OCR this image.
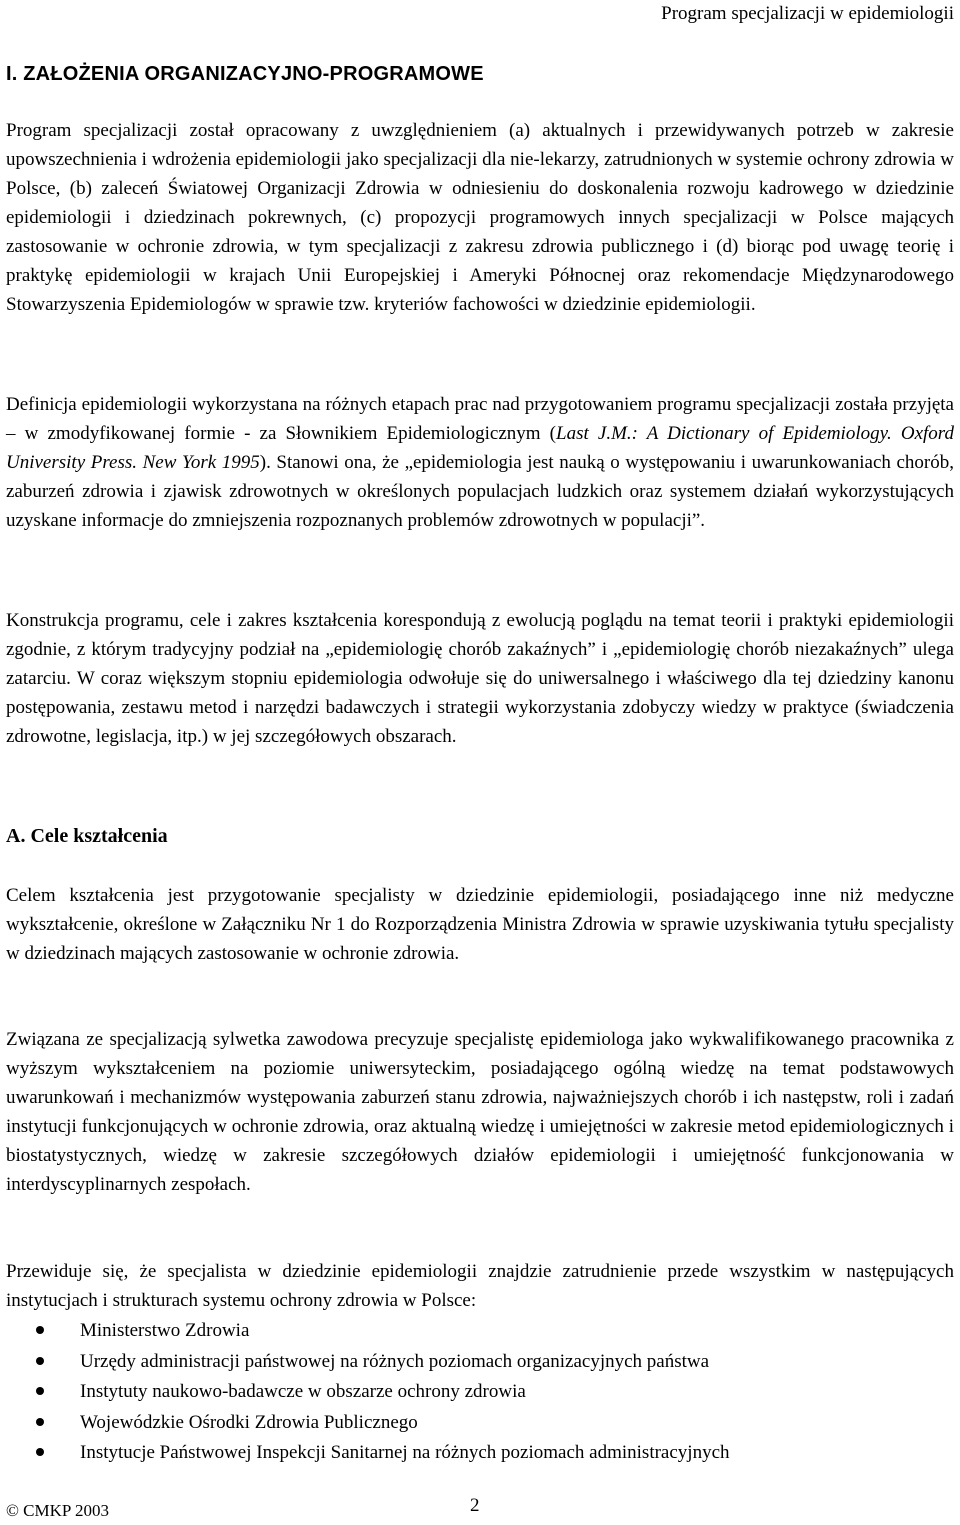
Program specjalizacji w epidemiologii
I. ZAŁOŻENIA ORGANIZACYJNO-PROGRAMOWE

Program specjalizacji został opracowany z uwzględnieniem (a) aktualnych i przewidywanych potrzeb w zakresie upowszechnienia i wdrożenia epidemiologii jako specjalizacji dla nie-lekarzy, zatrudnionych w systemie ochrony zdrowia w Polsce, (b) zaleceń Światowej Organizacji Zdrowia w odniesieniu do doskonalenia rozwoju kadrowego w dziedzinie epidemiologii i dziedzinach pokrewnych, (c) propozycji programowych innych specjalizacji w Polsce mających zastosowanie w ochronie zdrowia, w tym specjalizacji z zakresu zdrowia publicznego i (d) biorąc pod uwagę teorię i praktykę epidemiologii w krajach Unii Europejskiej i Ameryki Północnej oraz rekomendacje Międzynarodowego Stowarzyszenia Epidemiologów w sprawie tzw. kryteriów fachowości w dziedzinie epidemiologii.

Definicja epidemiologii wykorzystana na różnych etapach prac nad przygotowaniem programu specjalizacji została przyjęta – w zmodyfikowanej formie - za Słownikiem Epidemiologicznym (Last J.M.: A Dictionary of Epidemiology. Oxford University Press. New York 1995). Stanowi ona, że „epidemiologia jest nauką o występowaniu i uwarunkowaniach chorób, zaburzeń zdrowia i zjawisk zdrowotnych w określonych populacjach ludzkich oraz systemem działań wykorzystujących uzyskane informacje do zmniejszenia rozpoznanych problemów zdrowotnych w populacji”.

Konstrukcja programu, cele i zakres kształcenia korespondują z ewolucją poglądu na temat teorii i praktyki epidemiologii zgodnie, z którym tradycyjny podział na „epidemiologię chorób zakaźnych” i „epidemiologię chorób niezakaźnych” ulega zatarciu. W coraz większym stopniu epidemiologia odwołuje się do uniwersalnego i właściwego dla tej dziedziny kanonu postępowania, zestawu metod i narzędzi badawczych i strategii wykorzystania zdobyczy wiedzy w praktyce (świadczenia zdrowotne, legislacja, itp.) w jej szczegółowych obszarach.

A. Cele kształcenia

Celem kształcenia jest przygotowanie specjalisty w dziedzinie epidemiologii, posiadającego inne niż medyczne wykształcenie, określone w Załączniku Nr 1 do Rozporządzenia Ministra Zdrowia w sprawie uzyskiwania tytułu specjalisty w dziedzinach mających zastosowanie w ochronie zdrowia.

Związana ze specjalizacją sylwetka zawodowa precyzuje specjalistę epidemiologa jako wykwalifikowanego pracownika z wyższym wykształceniem na poziomie uniwersyteckim, posiadającego ogólną wiedzę na temat podstawowych uwarunkowań i mechanizmów występowania zaburzeń stanu zdrowia, najważniejszych chorób i ich następstw, roli i zadań instytucji funkcjonujących w ochronie zdrowia, oraz aktualną wiedzę i umiejętności w zakresie metod epidemiologicznych i biostatystycznych, wiedzę w zakresie szczegółowych działów epidemiologii i umiejętność funkcjonowania w interdyscyplinarnych zespołach.

Przewiduje się, że specjalista w dziedzinie epidemiologii znajdzie zatrudnienie przede wszystkim w następujących instytucjach i strukturach systemu ochrony zdrowia w Polsce:

Ministerstwo Zdrowia
Urzędy administracji państwowej na różnych poziomach organizacyjnych państwa
Instytuty naukowo-badawcze w obszarze ochrony zdrowia
Wojewódzkie Ośrodki Zdrowia Publicznego
Instytucje Państwowej Inspekcji Sanitarnej na różnych poziomach administracyjnych
© CMKP 2003	2
